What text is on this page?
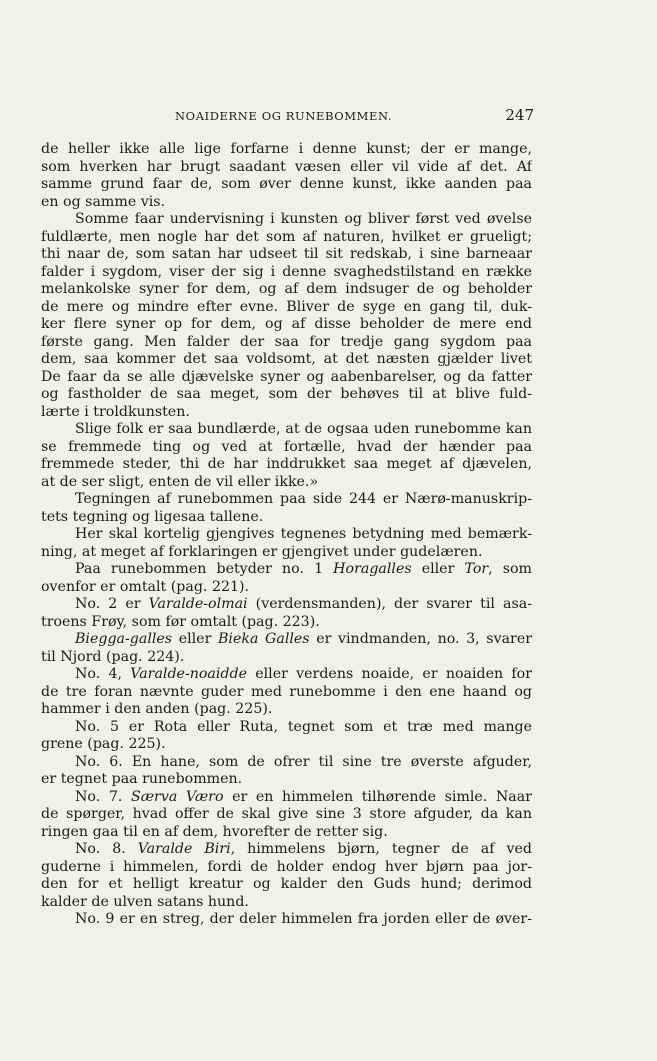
NOAIDERNE OG RUNEBOMMEN.	247
de heller ikke alle lige forfarne i denne kunst; der er mange,
som hverken har brugt saadant væsen eller vil vide af det. Af
samme grund faar de, som øver denne kunst, ikke aanden paa
en og samme vis.
Somme faar undervisning i kunsten og bliver først ved øvelse
fuldlærte, men nogle har det som af naturen, hvilket er grueligt;
thi naar de, som satan har udseet til sit redskab, i sine barneaar
falder i sygdom, viser der sig i denne svaghedstilstand en række
melankolske syner for dem, og af dem indsuger de og beholder
de mere og mindre efter evne. Bliver de syge en gang til, duk-
ker flere syner op for dem, og af disse beholder de mere end
første gang. Men falder der saa for tredje gang sygdom paa
dem, saa kommer det saa voldsomt, at det næsten gjælder livet
De faar da se alle djævelske syner og aabenbarelser, og da fatter
og fastholder de saa meget, som der behøves til at blive fuld-
lærte i troldkunsten.
Slige folk er saa bundlærde, at de ogsaa uden runebomme kan
se fremmede ting og ved at fortælle, hvad der hænder paa
fremmede steder, thi de har inddrukket saa meget af djævelen,
at de ser sligt, enten de vil eller ikke.»
Tegningen af runebommen paa side 244 er Nærø-manuskrip-
tets tegning og ligesaa tallene.
Her skal kortelig gjengives tegnenes betydning med bemærk-
ning, at meget af forklaringen er gjengivet under gudelæren.
Paa runebommen betyder no. 1 Horagalles eller Tor, som
ovenfor er omtalt (pag. 221).
No. 2 er Varalde-olmai (verdensmanden), der svarer til asa-
troens Frøy, som før omtalt (pag. 223).
Biegga-galles eller Bieka Galles er vindmanden, no. 3, svarer
til Njord (pag. 224).
No. 4, Varalde-noaidde eller verdens noaide, er noaiden for
de tre foran nævnte guder med runebomme i den ene haand og
hammer i den anden (pag. 225).
No. 5 er Rota eller Ruta, tegnet som et træ med mange
grene (pag. 225).
No. 6. En hane, som de ofrer til sine tre øverste afguder,
er tegnet paa runebommen.
No. 7. Særva Væro er en himmelen tilhørende simle. Naar
de spørger, hvad offer de skal give sine 3 store afguder, da kan
ringen gaa til en af dem, hvorefter de retter sig.
No. 8. Varalde Biri, himmelens bjørn, tegner de af ved
guderne i himmelen, fordi de holder endog hver bjørn paa jor-
den for et helligt kreatur og kalder den Guds hund; derimod
kalder de ulven satans hund.
No. 9 er en streg, der deler himmelen fra jorden eller de øver-
